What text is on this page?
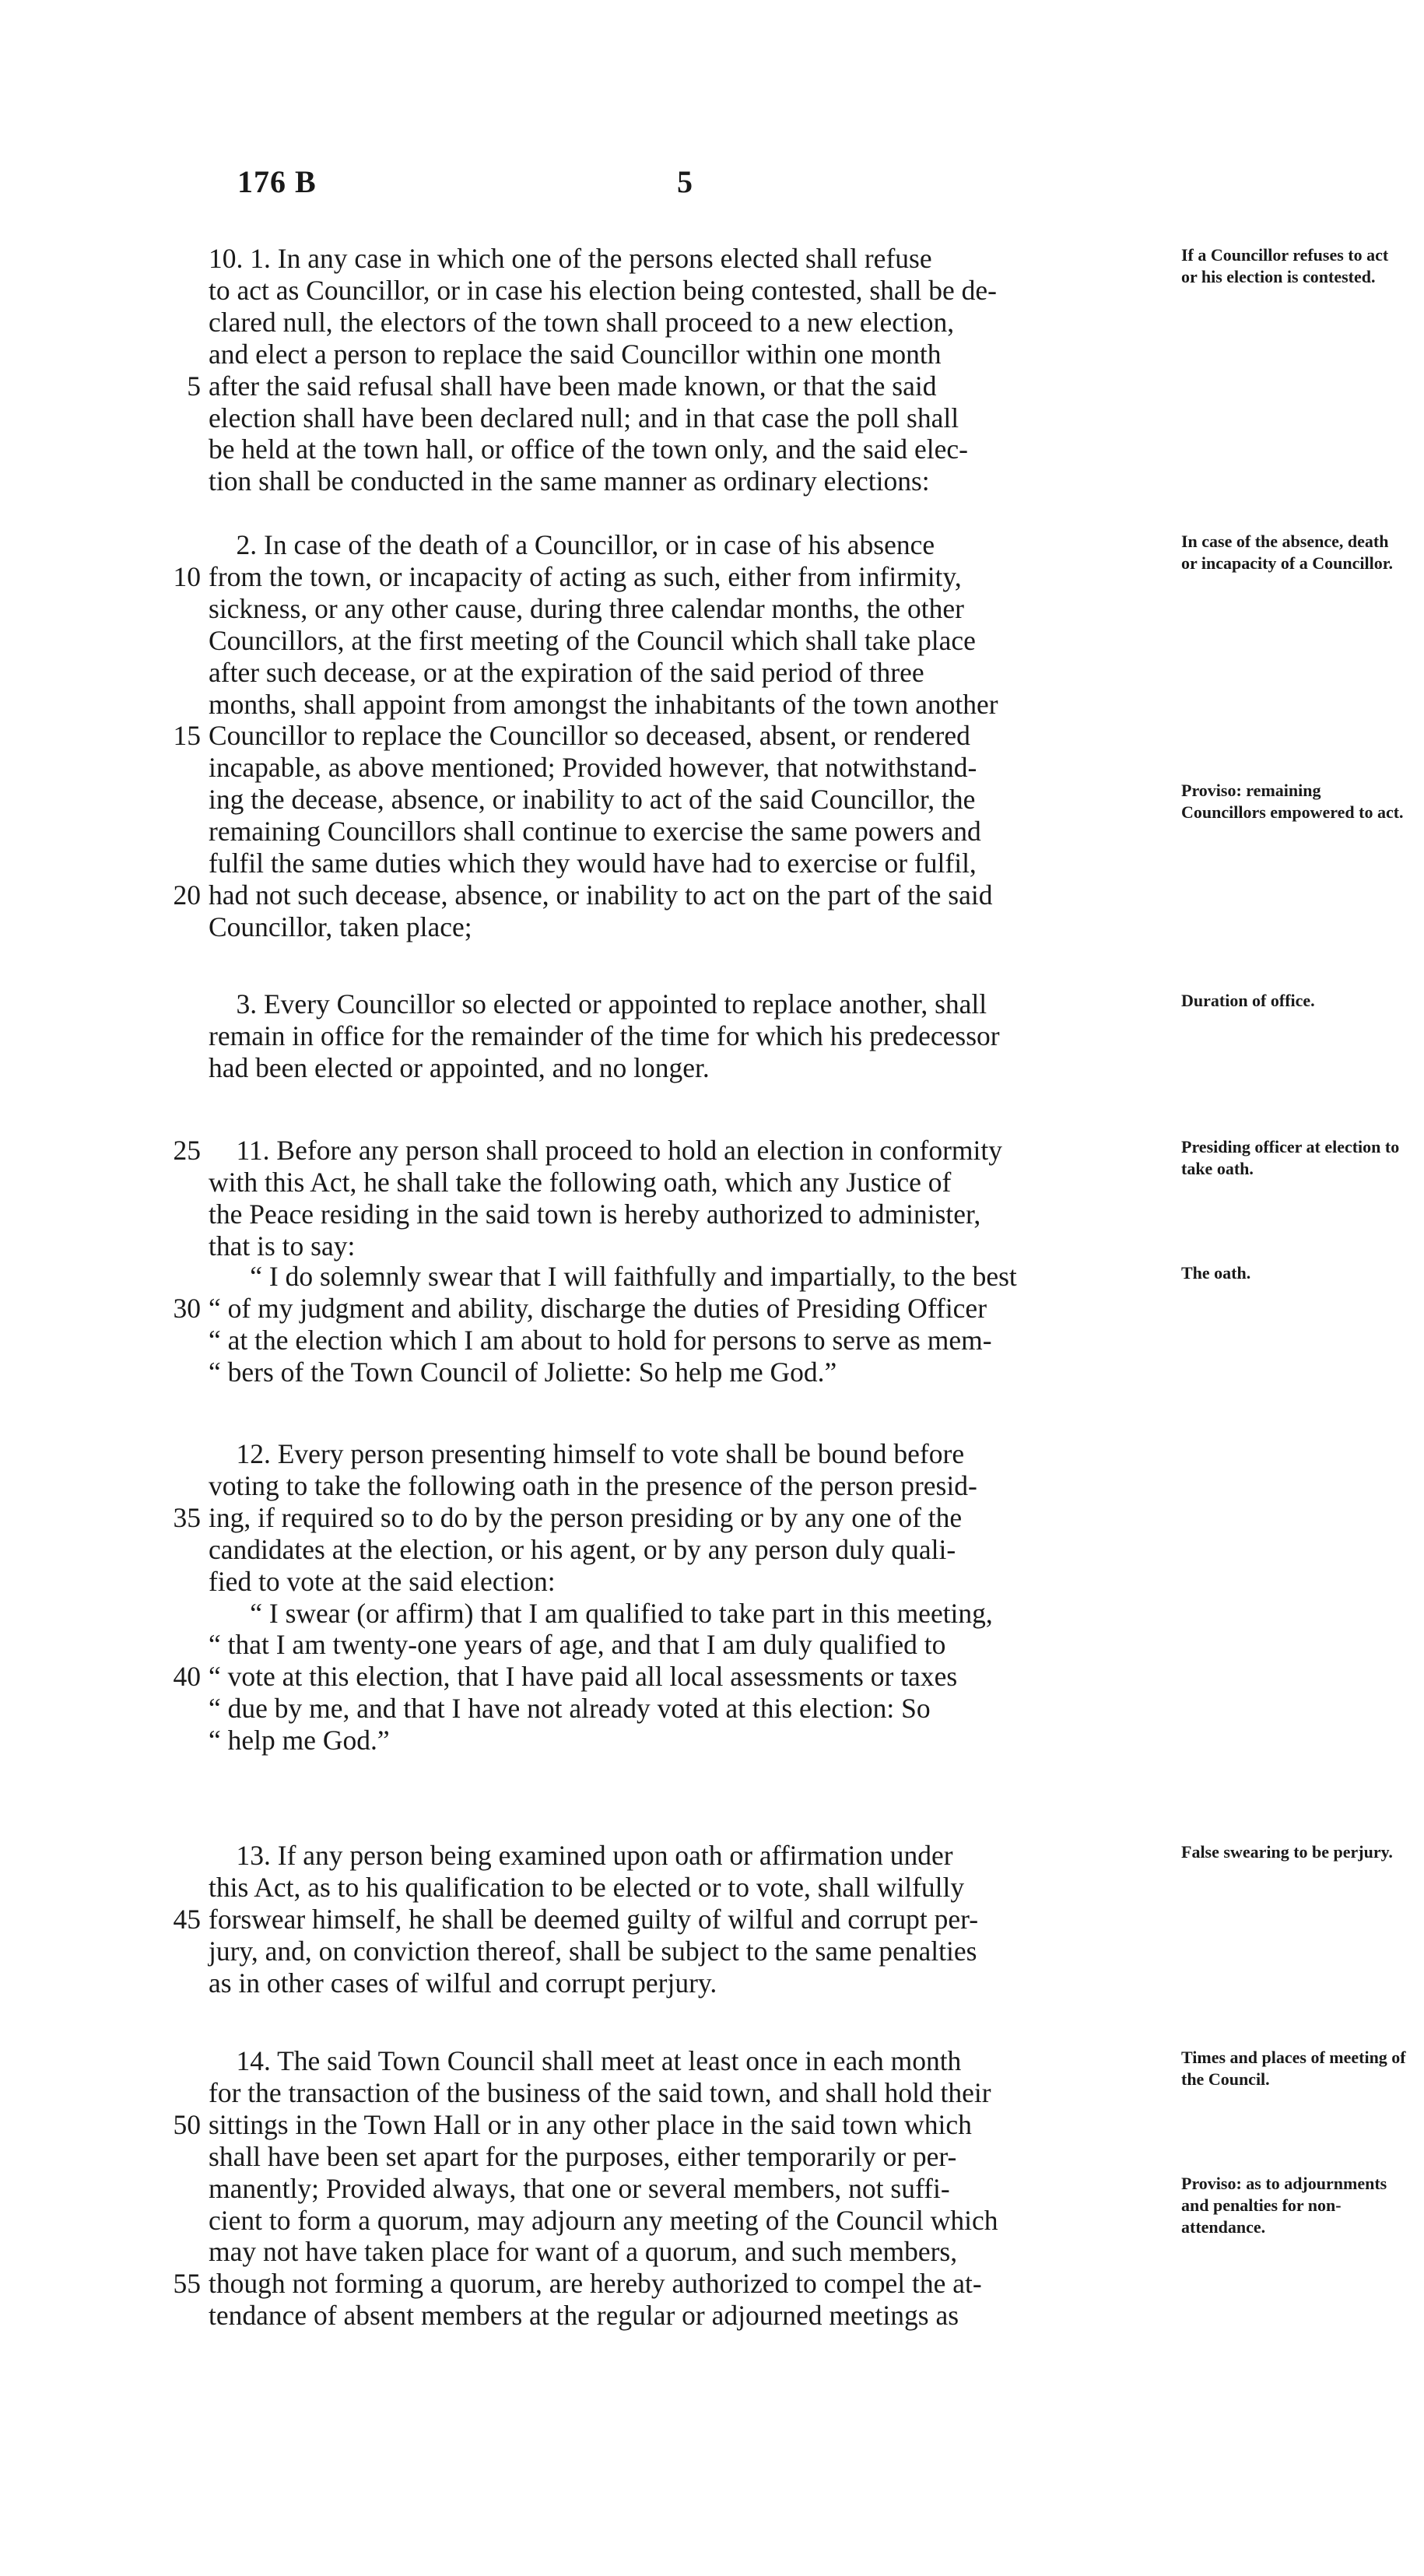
176 B	5
10. 1. In any case in which one of the persons elected shall refuse
to act as Councillor, or in case his election being contested, shall be de-
clared null, the electors of the town shall proceed to a new election,
and elect a person to replace the said Councillor within one month
5 after the said refusal shall have been made known, or that the said
election shall have been declared null; and in that case the poll shall
be held at the town hall, or office of the town only, and the said elec-
tion shall be conducted in the same manner as ordinary elections:
If a Councillor refuses to act or his election is contested.
2. In case of the death of a Councillor, or in case of his absence
10 from the town, or incapacity of acting as such, either from infirmity,
sickness, or any other cause, during three calendar months, the other
Councillors, at the first meeting of the Council which shall take place
after such decease, or at the expiration of the said period of three
months, shall appoint from amongst the inhabitants of the town another
15 Councillor to replace the Councillor so deceased, absent, or rendered
incapable, as above mentioned; Provided however, that notwithstand-
ing the decease, absence, or inability to act of the said Councillor, the
remaining Councillors shall continue to exercise the same powers and
fulfil the same duties which they would have had to exercise or fulfil,
20 had not such decease, absence, or inability to act on the part of the said
Councillor, taken place;
In case of the absence, death or incapacity of a Councillor.
Proviso: remaining Councillors empowered to act.
3. Every Councillor so elected or appointed to replace another, shall
remain in office for the remainder of the time for which his predecessor
had been elected or appointed, and no longer.
Duration of office.
25    11. Before any person shall proceed to hold an election in conformity
with this Act, he shall take the following oath, which any Justice of
the Peace residing in the said town is hereby authorized to administer,
that is to say:
Presiding officer at election to take oath.
“ I do solemnly swear that I will faithfully and impartially, to the best
30 “ of my judgment and ability, discharge the duties of Presiding Officer
“ at the election which I am about to hold for persons to serve as mem-
“ bers of the Town Council of Joliette: So help me God.”
The oath.
12. Every person presenting himself to vote shall be bound before
voting to take the following oath in the presence of the person presid-
35 ing, if required so to do by the person presiding or by any one of the
candidates at the election, or his agent, or by any person duly quali-
fied to vote at the said election:
“ I swear (or affirm) that I am qualified to take part in this meeting,
“ that I am twenty-one years of age, and that I am duly qualified to
40 “ vote at this election, that I have paid all local assessments or taxes
“ due by me, and that I have not already voted at this election: So
“ help me God.”
13. If any person being examined upon oath or affirmation under
this Act, as to his qualification to be elected or to vote, shall wilfully
45 forswear himself, he shall be deemed guilty of wilful and corrupt per-
jury, and, on conviction thereof, shall be subject to the same penalties
as in other cases of wilful and corrupt perjury.
False swearing to be perjury.
14. The said Town Council shall meet at least once in each month
for the transaction of the business of the said town, and shall hold their
50 sittings in the Town Hall or in any other place in the said town which
shall have been set apart for the purposes, either temporarily or per-
manently; Provided always, that one or several members, not suffi-
cient to form a quorum, may adjourn any meeting of the Council which
may not have taken place for want of a quorum, and such members,
55 though not forming a quorum, are hereby authorized to compel the at-
tendance of absent members at the regular or adjourned meetings as
Times and places of meeting of the Council.
Proviso: as to adjournments and penalties for non-attendance.
